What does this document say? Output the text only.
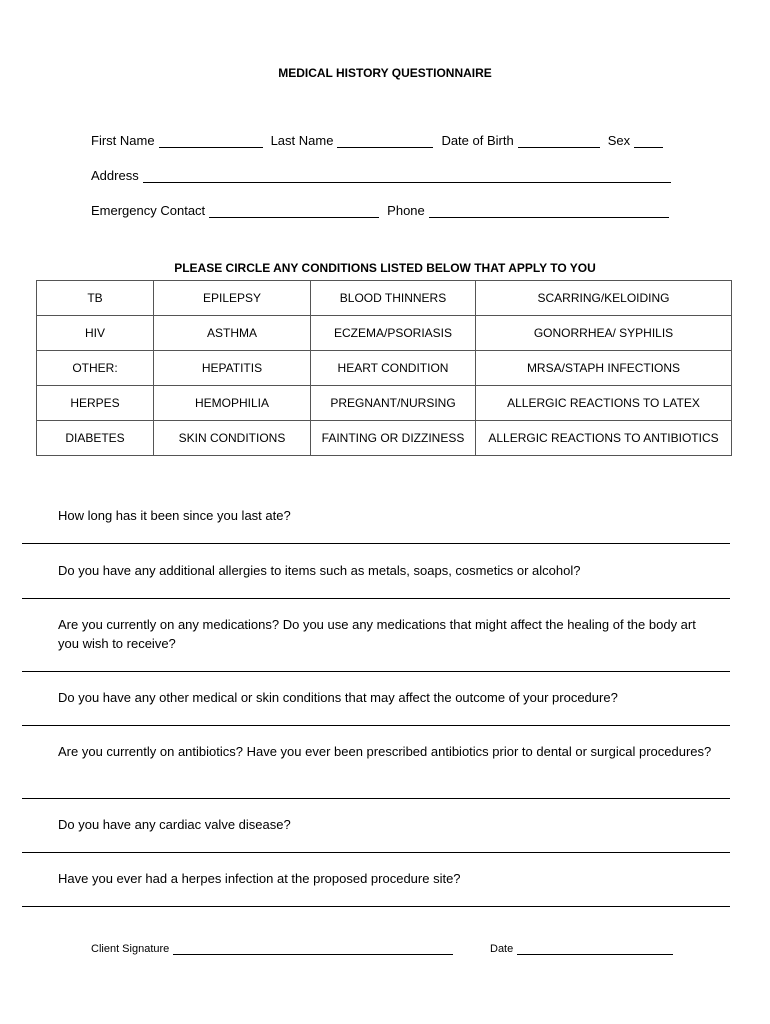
MEDICAL HISTORY QUESTIONNAIRE
First Name	Last Name	Date of Birth	Sex
Address
Emergency Contact	Phone
PLEASE CIRCLE ANY CONDITIONS LISTED BELOW THAT APPLY TO YOU
TB	EPILEPSY	BLOOD THINNERS	SCARRING/KELOIDING
HIV	ASTHMA	ECZEMA/PSORIASIS	GONORRHEA/ SYPHILIS
OTHER:	HEPATITIS	HEART CONDITION	MRSA/STAPH INFECTIONS
HERPES	HEMOPHILIA	PREGNANT/NURSING	ALLERGIC REACTIONS TO LATEX
DIABETES	SKIN CONDITIONS	FAINTING OR DIZZINESS	ALLERGIC REACTIONS TO ANTIBIOTICS
How long has it been since you last ate?
Do you have any additional allergies to items such as metals, soaps, cosmetics or alcohol?
Are you currently on any medications? Do you use any medications that might affect the healing of the body art you wish to receive?
Do you have any other medical or skin conditions that may affect the outcome of your procedure?
Are you currently on antibiotics? Have you ever been prescribed antibiotics prior to dental or surgical procedures?
Do you have any cardiac valve disease?
Have you ever had a herpes infection at the proposed procedure site?
Client Signature	Date
